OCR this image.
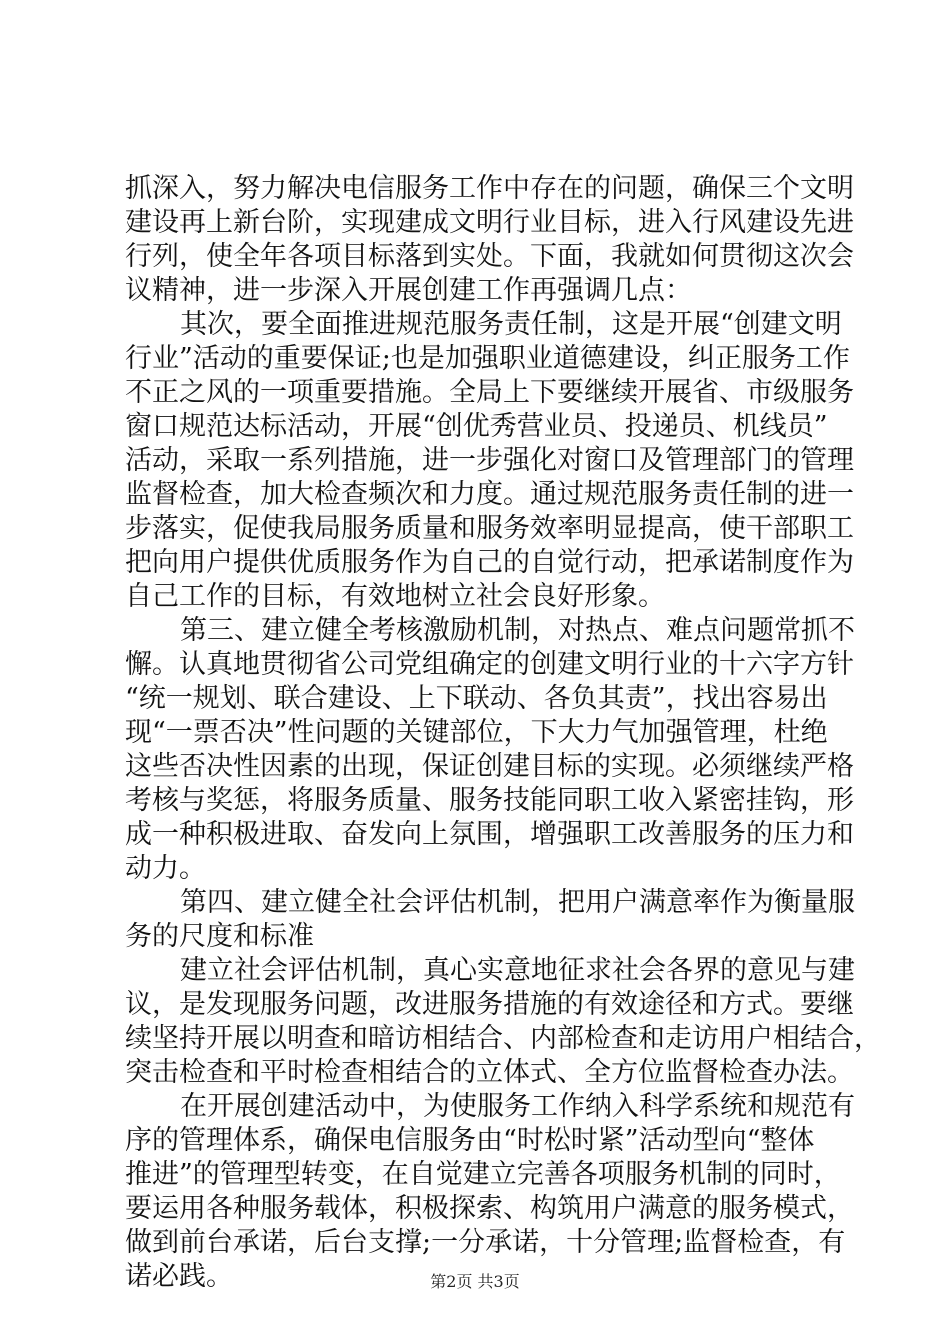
抓深入，努力解决电信服务工作中存在的问题，确保三个文明
建设再上新台阶，实现建成文明行业目标，进入行风建设先进
行列，使全年各项目标落到实处。下面，我就如何贯彻这次会
议精神，进一步深入开展创建工作再强调几点：
其次，要全面推进规范服务责任制，这是开展“创建文明
行业”活动的重要保证;也是加强职业道德建设，纠正服务工作
不正之风的一项重要措施。全局上下要继续开展省、市级服务
窗口规范达标活动，开展“创优秀营业员、投递员、机线员”
活动，采取一系列措施，进一步强化对窗口及管理部门的管理
监督检查，加大检查频次和力度。通过规范服务责任制的进一
步落实，促使我局服务质量和服务效率明显提高，使干部职工
把向用户提供优质服务作为自己的自觉行动，把承诺制度作为
自己工作的目标，有效地树立社会良好形象。
第三、建立健全考核激励机制，对热点、难点问题常抓不
懈。认真地贯彻省公司党组确定的创建文明行业的十六字方针
“统一规划、联合建设、上下联动、各负其责”，找出容易出
现“一票否决”性问题的关键部位，下大力气加强管理，杜绝
这些否决性因素的出现，保证创建目标的实现。必须继续严格
考核与奖惩，将服务质量、服务技能同职工收入紧密挂钩，形
成一种积极进取、奋发向上氛围，增强职工改善服务的压力和
动力。
第四、建立健全社会评估机制，把用户满意率作为衡量服
务的尺度和标准
建立社会评估机制，真心实意地征求社会各界的意见与建
议，是发现服务问题，改进服务措施的有效途径和方式。要继
续坚持开展以明查和暗访相结合、内部检查和走访用户相结合，
突击检查和平时检查相结合的立体式、全方位监督检查办法。
在开展创建活动中，为使服务工作纳入科学系统和规范有
序的管理体系，确保电信服务由“时松时紧”活动型向“整体
推进”的管理型转变，在自觉建立完善各项服务机制的同时，
要运用各种服务载体，积极探索、构筑用户满意的服务模式，
做到前台承诺，后台支撑;一分承诺，十分管理;监督检查，有
诺必践。	第2页 共3页
